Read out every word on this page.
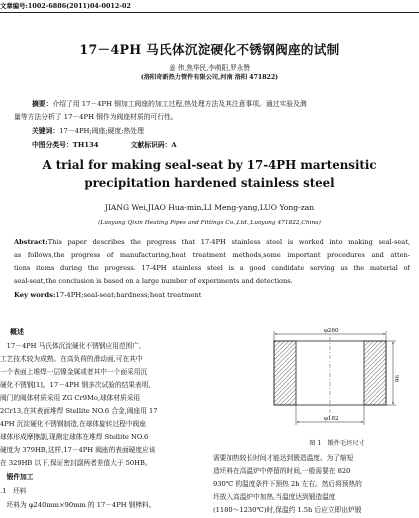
文章编号:1002-6886(2011)04-0012-02
17－4PH 马氏体沉淀硬化不锈钢阀座的试制
姜 伟,焦华民,李萌阳,罗永赞
(洛阳奇新热力管件有限公司,河南 洛阳 471822)
摘要：介绍了用 17－4PH 钢加工阀座的加工过程,热处理方法及其注意事项。通过实验及测
量等方法分析了 17－4PH 钢作为阀座材质的可行性。
关键词：17－4PH;阀座;硬度;热处理
中图分类号：TH134	文献标识码：A
A trial for making seal-seat by 17-4PH martensitic
precipitation hardened stainless steel
JIANG Wei,JIAO Hua-min,LI Meng-yang,LUO Yong-zan
(Luoyang Qixin Heating Pipes and Fittings Co.,Ltd.,Luoyang 471822,China)
Abstract:This paper describes the progress that 17-4PH stainless steel is worked into making seal-seat,
as follows,the progress of manufacturing,heat treatment methods,some important procedures and atten-
tions items during the progress. 17-4PH stainless steel is a good candidate serving as the material of
seal-seat,the conclusion is based on a large number of experiments and detections.
Key words:17-4PH;seal-seat;hardness;heat treatment
概述
　17－4PH 马氏体沉淀硬化不锈钢应用范围广,
工艺技术较为成熟。在高负荷的滑动面,可在其中
一个表面上堆焊一层镍金属或者其中一个面采用沉
硬化不锈钢[1]。17－4PH 钢多次试验的结果表明,
阀门的阀体材质采用 ZG Cr9Mo,球体材质采用
2Cr13,在其表面堆焊 Stellite NO.6 合金,阀座用 17
4PH 沉淀硬化不锈钢制造,在球体旋转过程中阀座
球体形成摩擦副,现测定球体在堆焊 Stellite NO.6
硬度为 379HB,这样,17－4PH 阀座的表面硬度应该
在 329HB 以下,保证密封副两者差值大于 50HB。
　锻件加工
.1　坯料
　坯料为 φ240mm×90mm 的 17－4PH 钢棒料。
φ260
φ182
96
图 1　锻件毛坯尺寸
需要加热较长时间才能达到锻造温度。为了缩短
造坯料在高温炉中停留的时间,一般需要在 820
930℃ 的温度条件下预热 2h 左右。然后将预热的
坯放入高温炉中加热,当温度达到锻造温度
(1180～1230℃)时,保温约 1.5h 后应立即出炉锻
